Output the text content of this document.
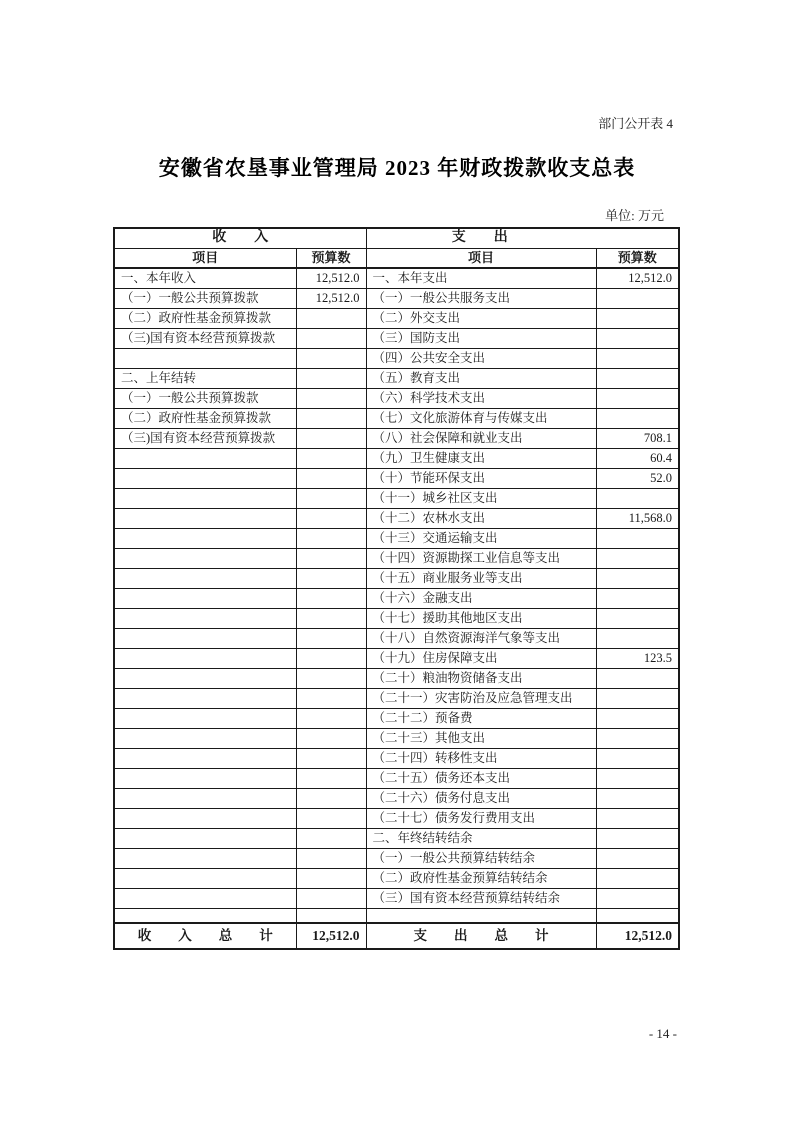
部门公开表 4
安徽省农垦事业管理局 2023 年财政拨款收支总表
单位: 万元
收　　入		支　　出	
项目	预算数	项目	预算数
一、本年收入	12,512.0	一、本年支出	12,512.0
（一）一般公共预算拨款	12,512.0	（一）一般公共服务支出	
（二）政府性基金预算拨款		（二）外交支出	
（三)国有资本经营预算拨款		（三）国防支出	
		（四）公共安全支出	
二、上年结转		（五）教育支出	
（一）一般公共预算拨款		（六）科学技术支出	
（二）政府性基金预算拨款		（七）文化旅游体育与传媒支出	
（三)国有资本经营预算拨款		（八）社会保障和就业支出	708.1
		（九）卫生健康支出	60.4
		（十）节能环保支出	52.0
		（十一）城乡社区支出	
		（十二）农林水支出	11,568.0
		（十三）交通运输支出	
		（十四）资源勘探工业信息等支出	
		（十五）商业服务业等支出	
		（十六）金融支出	
		（十七）援助其他地区支出	
		（十八）自然资源海洋气象等支出	
		（十九）住房保障支出	123.5
		（二十）粮油物资储备支出	
		（二十一）灾害防治及应急管理支出	
		（二十二）预备费	
		（二十三）其他支出	
		（二十四）转移性支出	
		（二十五）债务还本支出	
		（二十六）债务付息支出	
		（二十七）债务发行费用支出	
		二、年终结转结余	
		（一）一般公共预算结转结余	
		（二）政府性基金预算结转结余	
		（三）国有资本经营预算结转结余	

收　　入　　总　　计	12,512.0	支　　出　　总　　计	12,512.0
- 14 -
